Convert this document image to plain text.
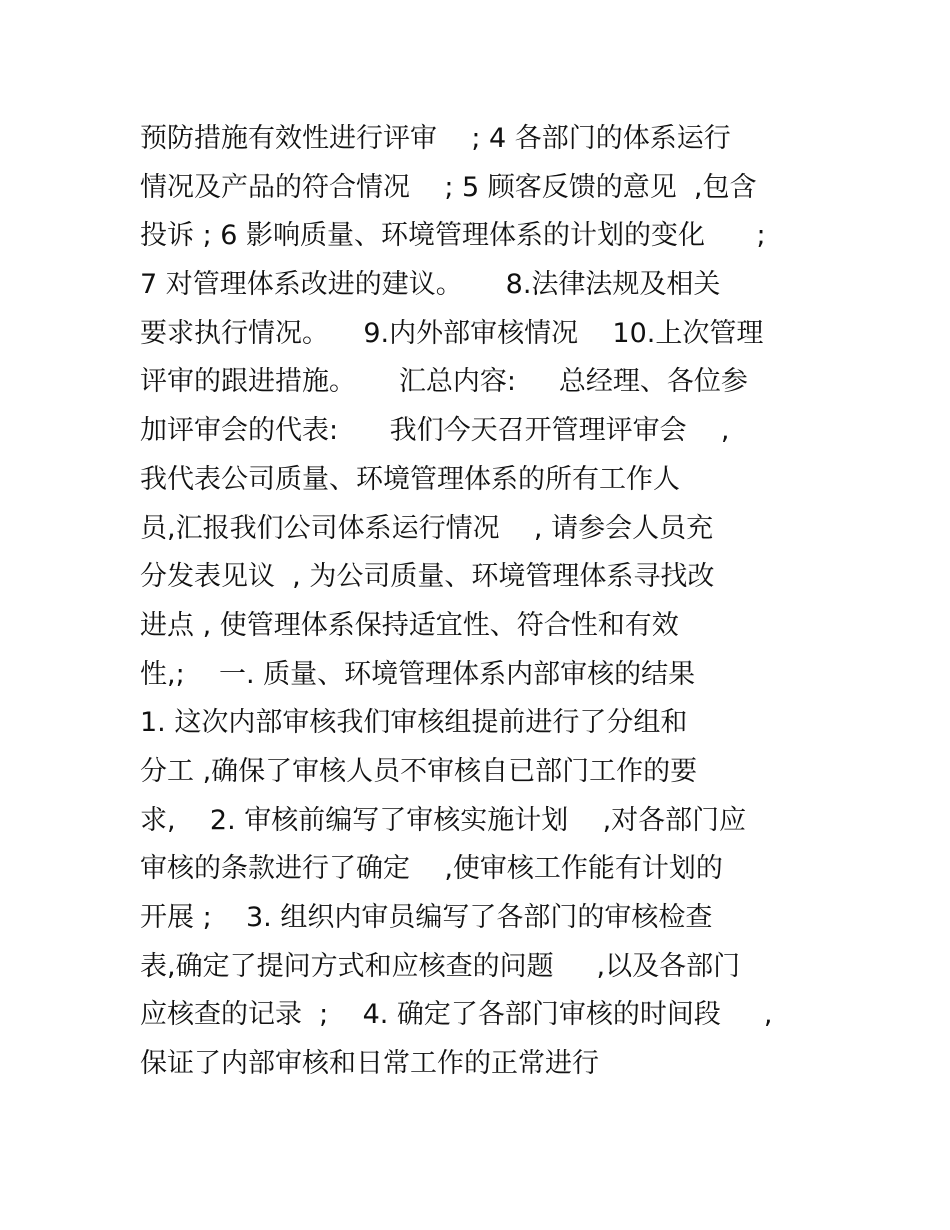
预防措施有效性进行评审    ; 4 各部门的体系运行
情况及产品的符合情况    ; 5 顾客反馈的意见  ,包含
投诉 ; 6 影响质量、环境管理体系的计划的变化      ;
7 对管理体系改进的建议。     8.法律法规及相关
要求执行情况。    9.内外部审核情况    10.上次管理
评审的跟进措施。     汇总内容:     总经理、各位参
加评审会的代表:      我们今天召开管理评审会    ,
我代表公司质量、环境管理体系的所有工作人
员,汇报我们公司体系运行情况    , 请参会人员充
分发表见议  , 为公司质量、环境管理体系寻找改
进点 , 使管理体系保持适宜性、符合性和有效
性,;    一. 质量、环境管理体系内部审核的结果
1. 这次内部审核我们审核组提前进行了分组和
分工 ,确保了审核人员不审核自已部门工作的要
求,    2. 审核前编写了审核实施计划    ,对各部门应
审核的条款进行了确定    ,使审核工作能有计划的
开展 ;    3. 组织内审员编写了各部门的审核检查
表,确定了提问方式和应核查的问题     ,以及各部门
应核查的记录  ;    4. 确定了各部门审核的时间段     ,
保证了内部审核和日常工作的正常进行
